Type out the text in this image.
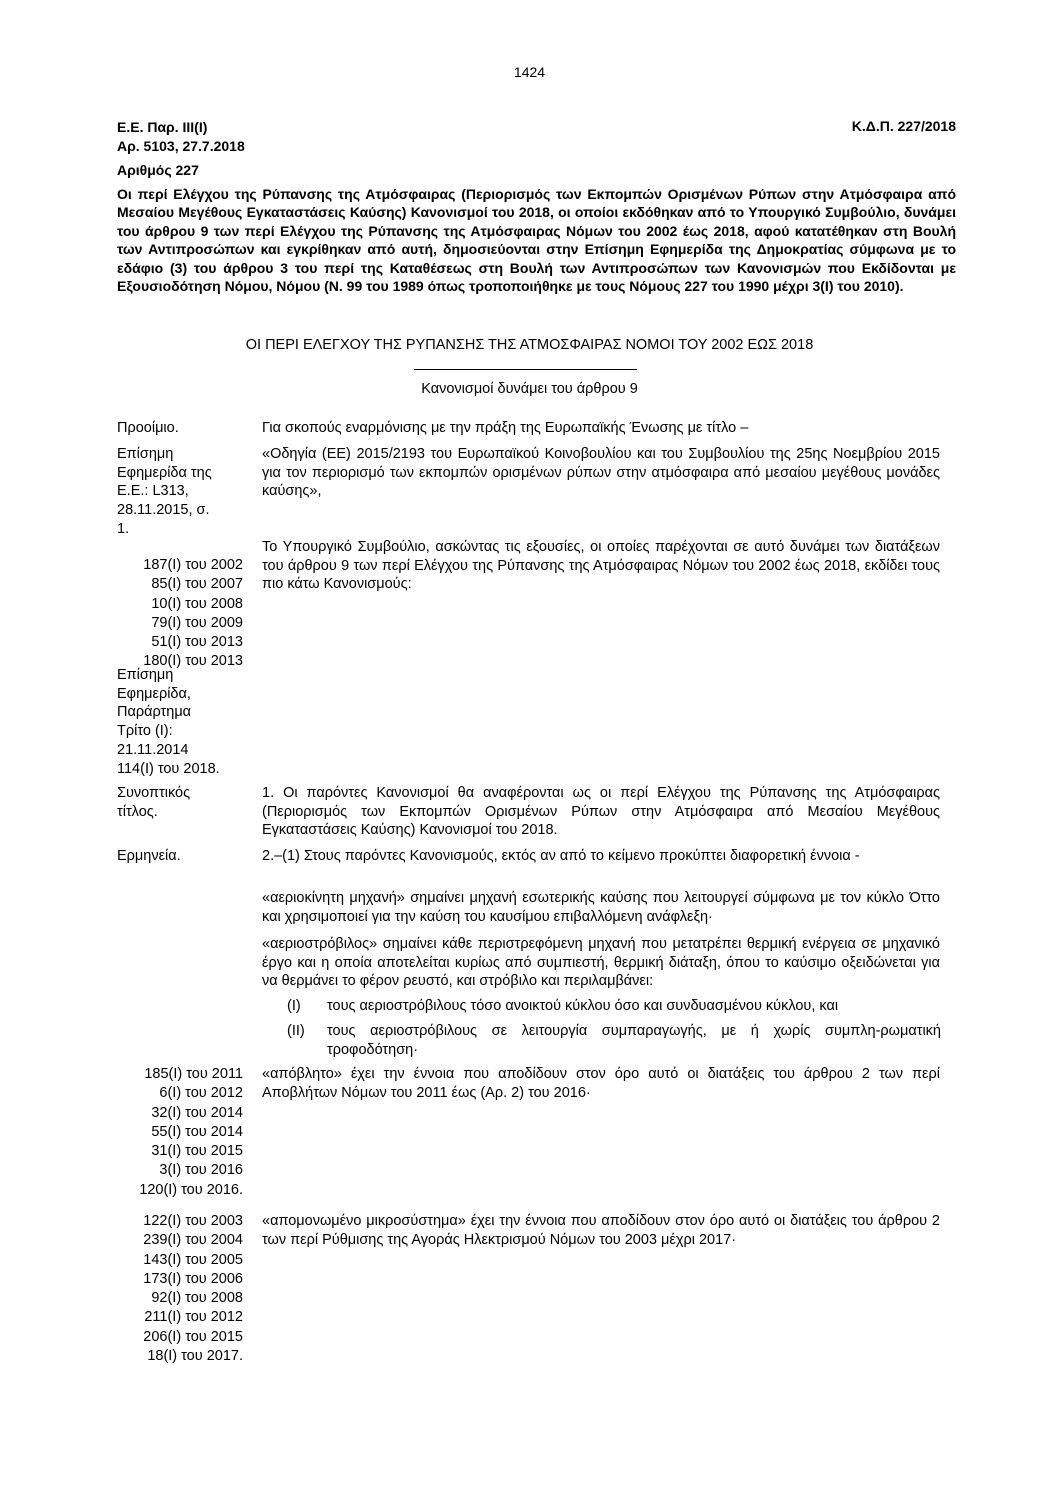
1424
Ε.Ε. Παρ. ΙΙΙ(Ι)
Αρ. 5103, 27.7.2018
Κ.Δ.Π. 227/2018
Αριθμός 227
Οι περί Ελέγχου της Ρύπανσης της Ατμόσφαιρας (Περιορισμός των Εκπομπών Ορισμένων Ρύπων στην Ατμόσφαιρα από Μεσαίου Μεγέθους Εγκαταστάσεις Καύσης) Κανονισμοί του 2018, οι οποίοι εκδόθηκαν από το Υπουργικό Συμβούλιο, δυνάμει του άρθρου 9 των περί Ελέγχου της Ρύπανσης της Ατμόσφαιρας Νόμων του 2002 έως 2018, αφού κατατέθηκαν στη Βουλή των Αντιπροσώπων και εγκρίθηκαν από αυτή, δημοσιεύονται στην Επίσημη Εφημερίδα της Δημοκρατίας σύμφωνα με το εδάφιο (3) του άρθρου 3 του περί της Καταθέσεως στη Βουλή των Αντιπροσώπων των Κανονισμών που Εκδίδονται με Εξουσιοδότηση Νόμου, Νόμου (Ν. 99 του 1989 όπως τροποποιήθηκε με τους Νόμους 227 του 1990 μέχρι 3(Ι) του 2010).
ΟΙ ΠΕΡΙ ΕΛΕΓΧΟΥ ΤΗΣ ΡΥΠΑΝΣΗΣ ΤΗΣ ΑΤΜΟΣΦΑΙΡΑΣ ΝΟΜΟΙ ΤΟΥ 2002 ΕΩΣ 2018
Κανονισμοί δυνάμει του άρθρου 9
Προοίμιο.
Επίσημη Εφημερίδα της Ε.Ε.: L313, 28.11.2015, σ. 1.
187(Ι) του 2002
85(Ι) του 2007
10(Ι) του 2008
79(Ι) του 2009
51(Ι) του 2013
180(Ι) του 2013
Επίσημη Εφημερίδα, Παράρτημα Τρίτο (Ι): 21.11.2014
114(Ι) του 2018.
Συνοπτικός τίτλος.
Ερμηνεία.
185(Ι) του 2011
6(Ι) του 2012
32(Ι) του 2014
55(Ι) του 2014
31(Ι) του 2015
3(Ι) του 2016
120(Ι) του 2016.
122(Ι) του 2003
239(Ι) του 2004
143(Ι) του 2005
173(Ι) του 2006
92(Ι) του 2008
211(Ι) του 2012
206(Ι) του 2015
18(Ι) του 2017.
Για σκοπούς εναρμόνισης με την πράξη της Ευρωπαϊκής Ένωσης με τίτλο –
«Οδηγία (ΕΕ) 2015/2193 του Ευρωπαϊκού Κοινοβουλίου και του Συμβουλίου της 25ης Νοεμβρίου 2015 για τον περιορισμό των εκπομπών ορισμένων ρύπων στην ατμόσφαιρα από μεσαίου μεγέθους μονάδες καύσης»,
Το Υπουργικό Συμβούλιο, ασκώντας τις εξουσίες, οι οποίες παρέχονται σε αυτό δυνάμει των διατάξεων του άρθρου 9 των περί Ελέγχου της Ρύπανσης της Ατμόσφαιρας Νόμων του 2002 έως 2018, εκδίδει τους πιο κάτω Κανονισμούς:
1. Οι παρόντες Κανονισμοί θα αναφέρονται ως οι περί Ελέγχου της Ρύπανσης της Ατμόσφαιρας (Περιορισμός των Εκπομπών Ορισμένων Ρύπων στην Ατμόσφαιρα από Μεσαίου Μεγέθους Εγκαταστάσεις Καύσης) Κανονισμοί του 2018.
2.–(1) Στους παρόντες Κανονισμούς, εκτός αν από το κείμενο προκύπτει διαφορετική έννοια -
«αεριοκίνητη μηχανή» σημαίνει μηχανή εσωτερικής καύσης που λειτουργεί σύμφωνα με τον κύκλο Όττο και χρησιμοποιεί για την καύση του καυσίμου επιβαλλόμενη ανάφλεξη·
«αεριοστρόβιλος» σημαίνει κάθε περιστρεφόμενη μηχανή που μετατρέπει θερμική ενέργεια σε μηχανικό έργο και η οποία αποτελείται κυρίως από συμπιεστή, θερμική διάταξη, όπου το καύσιμο οξειδώνεται για να θερμάνει το φέρον ρευστό, και στρόβιλο και περιλαμβάνει:
(Ι)	τους αεριοστρόβιλους τόσο ανοικτού κύκλου όσο και συνδυασμένου κύκλου, και
(ΙΙ)	τους αεριοστρόβιλους σε λειτουργία συμπαραγωγής, με ή χωρίς συμπλη-ρωματική τροφοδότηση·
«απόβλητο» έχει την έννοια που αποδίδουν στον όρο αυτό οι διατάξεις του άρθρου 2 των περί Αποβλήτων Νόμων του 2011 έως (Αρ. 2) του 2016·
«απομονωμένο μικροσύστημα» έχει την έννοια που αποδίδουν στον όρο αυτό οι διατάξεις του άρθρου 2 των περί Ρύθμισης της Αγοράς Ηλεκτρισμού Νόμων του 2003 μέχρι 2017·
